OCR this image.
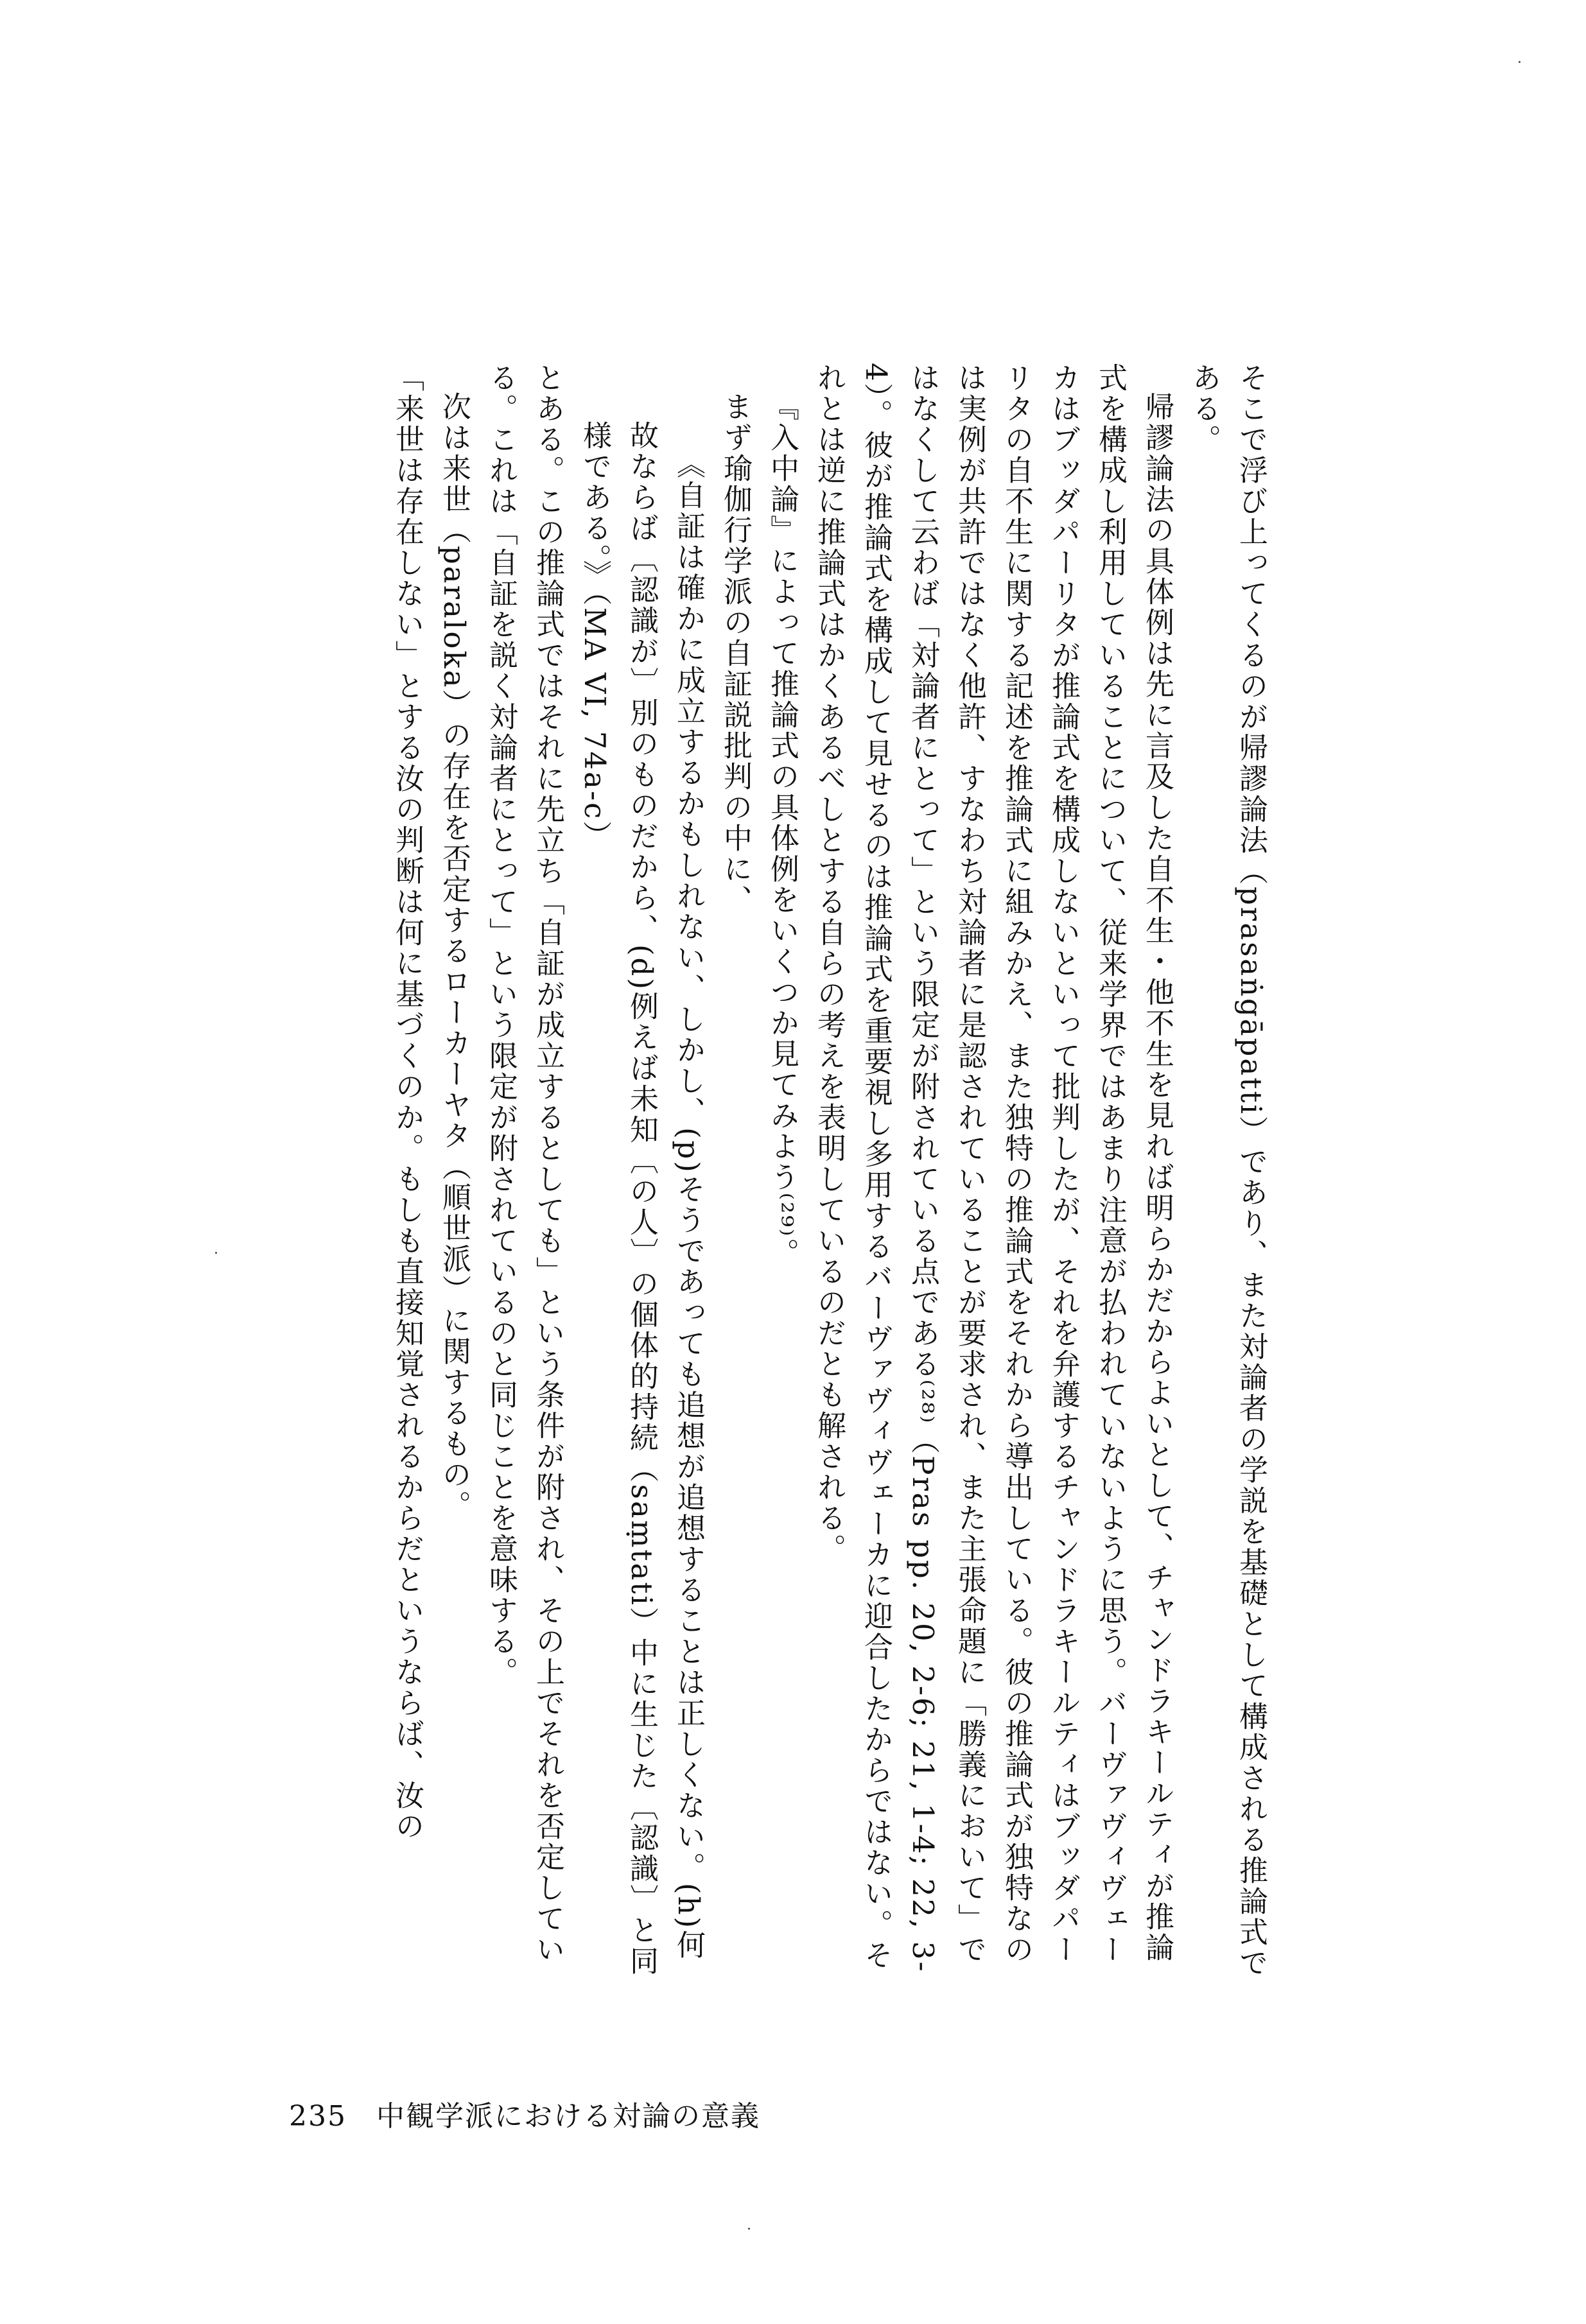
そこで浮び上ってくるのが帰謬論法（prasaṅgāpatti）であり、また対論者の学説を基礎として構成される推論式である。

帰謬論法の具体例は先に言及した自不生・他不生を見れば明らかだからよいとして、チャンドラキールティが推論式を構成し利用していることについて、従来学界ではあまり注意が払われていないように思う。バーヴァヴィヴェーカはブッダパーリタが推論式を構成しないといって批判したが、それを弁護するチャンドラキールティはブッダパーリタの自不生に関する記述を推論式に組みかえ、また独特の推論式をそれから導出している。彼の推論式が独特なのは実例が共許ではなく他許、すなわち対論者に是認されていることが要求され、また主張命題に「勝義において」ではなくして云わば「対論者にとって」という限定が附されている点である⁽²⁸⁾（Pras pp. 20, 2-6; 21, 1-4; 22, 3-4）。彼が推論式を構成して見せるのは推論式を重要視し多用するバーヴァヴィヴェーカに迎合したからではない。それとは逆に推論式はかくあるべしとする自らの考えを表明しているのだとも解される。

『入中論』によって推論式の具体例をいくつか見てみよう⁽²⁹⁾。

まず瑜伽行学派の自証説批判の中に、

《自証は確かに成立するかもしれない、しかし、(p)そうであっても追想が追想することは正しくない。(h)何故ならば〔認識が〕別のものだから、(d)例えば未知〔の人〕の個体的持続（saṃtati）中に生じた〔認識〕と同様である。》（MA VI, 74a-c）

とある。この推論式ではそれに先立ち「自証が成立するとしても」という条件が附され、その上でそれを否定している。これは「自証を説く対論者にとって」という限定が附されているのと同じことを意味する。

次は来世（paraloka）の存在を否定するローカーヤタ（順世派）に関するもの。

「来世は存在しない」とする汝の判断は何に基づくのか。もしも直接知覚されるからだというならば、汝の

235 中観学派における対論の意義
